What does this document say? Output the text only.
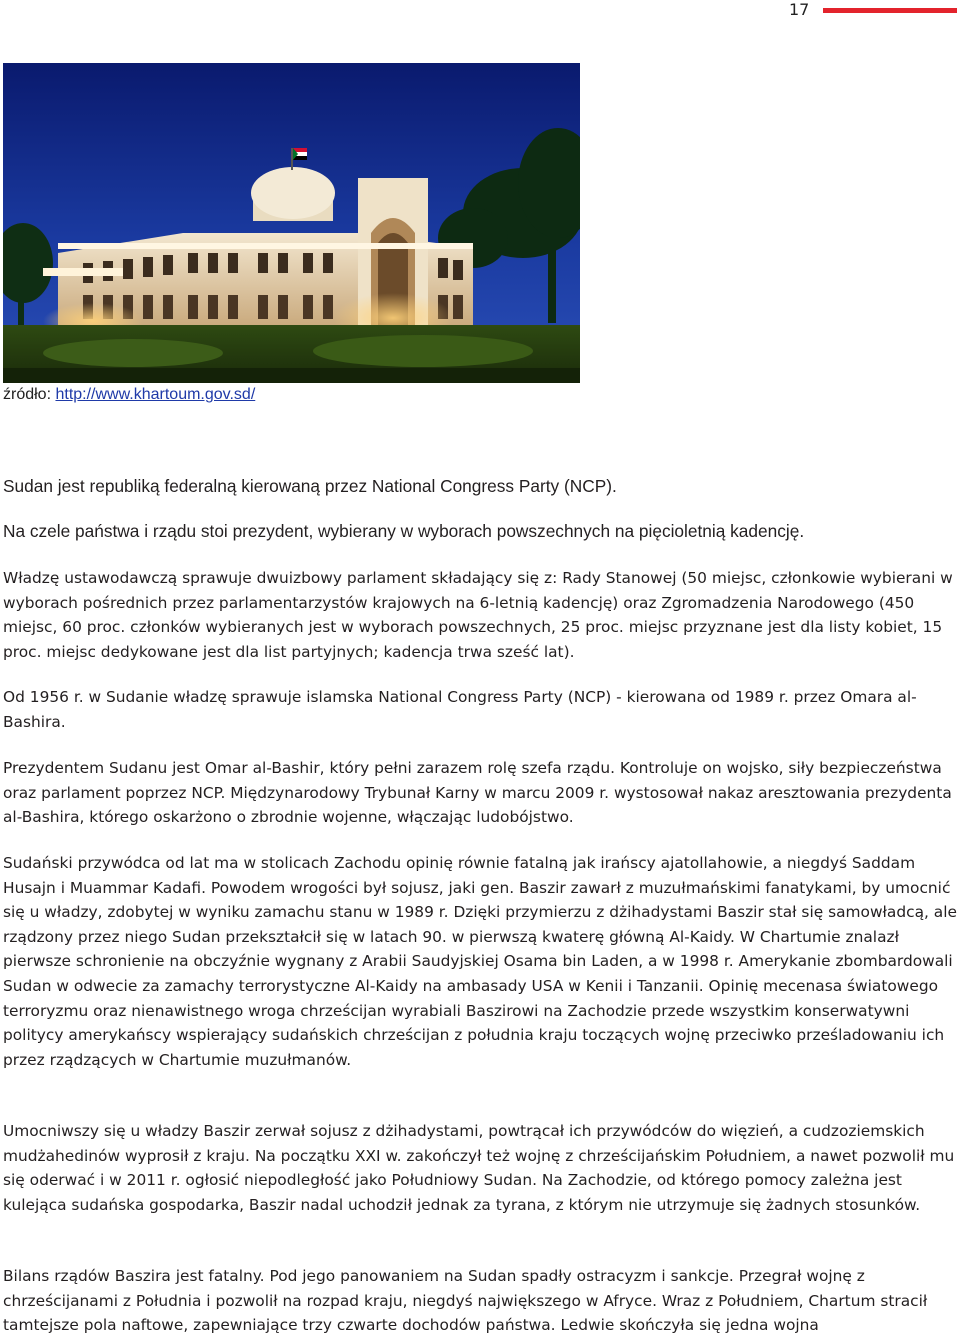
17
źródło: http://www.khartoum.gov.sd/
Sudan jest republiką federalną kierowaną przez National Congress Party (NCP).
Na czele państwa i rządu stoi prezydent, wybierany w wyborach powszechnych na pięcioletnią kadencję.

Władzę ustawodawczą sprawuje dwuizbowy parlament składający się z: Rady Stanowej (50 miejsc, członkowie wybierani w wyborach pośrednich przez parlamentarzystów krajowych na 6-letnią kadencję) oraz Zgromadzenia Narodowego (450 miejsc, 60 proc. członków wybieranych jest w wyborach powszechnych, 25 proc. miejsc przyznane jest dla listy kobiet, 15 proc. miejsc dedykowane jest dla list partyjnych; kadencja trwa sześć lat).

Od 1956 r. w Sudanie władzę sprawuje islamska National Congress Party (NCP) - kierowana od 1989 r. przez Omara al- Bashira.

Prezydentem Sudanu jest Omar al-Bashir, który pełni zarazem rolę szefa rządu. Kontroluje on wojsko, siły bezpieczeństwa oraz parlament poprzez NCP. Międzynarodowy Trybunał Karny w marcu 2009 r. wystosował nakaz aresztowania prezydenta al-Bashira, którego oskarżono o zbrodnie wojenne, włączając ludobójstwo.

Sudański przywódca od lat ma w stolicach Zachodu opinię równie fatalną jak irańscy ajatollahowie, a niegdyś Saddam Husajn i Muammar Kadafi. Powodem wrogości był sojusz, jaki gen. Baszir zawarł z muzułmańskimi fanatykami, by umocnić się u władzy, zdobytej w wyniku zamachu stanu w 1989 r. Dzięki przymierzu z dżihadystami Baszir stał się samowładcą, ale rządzony przez niego Sudan przekształcił się w latach 90. w pierwszą kwaterę główną Al-Kaidy. W Chartumie znalazł pierwsze schronienie na obczyźnie wygnany z Arabii Saudyjskiej Osama bin Laden, a w 1998 r. Amerykanie zbombardowali Sudan w odwecie za zamachy terrorystyczne Al-Kaidy na ambasady USA w Kenii i Tanzanii. Opinię mecenasa światowego terroryzmu oraz nienawistnego wroga chrześcijan wyrabiali Baszirowi na Zachodzie przede wszystkim konserwatywni politycy amerykańscy wspierający sudańskich chrześcijan z południa kraju toczących wojnę przeciwko prześladowaniu ich przez rządzących w Chartumie muzułmanów.

Umocniwszy się u władzy Baszir zerwał sojusz z dżihadystami, powtrącał ich przywódców do więzień, a cudzoziemskich mudżahedinów wyprosił z kraju. Na początku XXI w. zakończył też wojnę z chrześcijańskim Południem, a nawet pozwolił mu się oderwać i w 2011 r. ogłosić niepodległość jako Południowy Sudan. Na Zachodzie, od którego pomocy zależna jest kulejąca sudańska gospodarka, Baszir nadal uchodził jednak za tyrana, z którym nie utrzymuje się żadnych stosunków.

Bilans rządów Baszira jest fatalny. Pod jego panowaniem na Sudan spadły ostracyzm i sankcje. Przegrał wojnę z chrześcijanami z Południa i pozwolił na rozpad kraju, niegdyś największego w Afryce. Wraz z Południem, Chartum stracił tamtejsze pola naftowe, zapewniające trzy czwarte dochodów państwa. Ledwie skończyła się jedna wojna
